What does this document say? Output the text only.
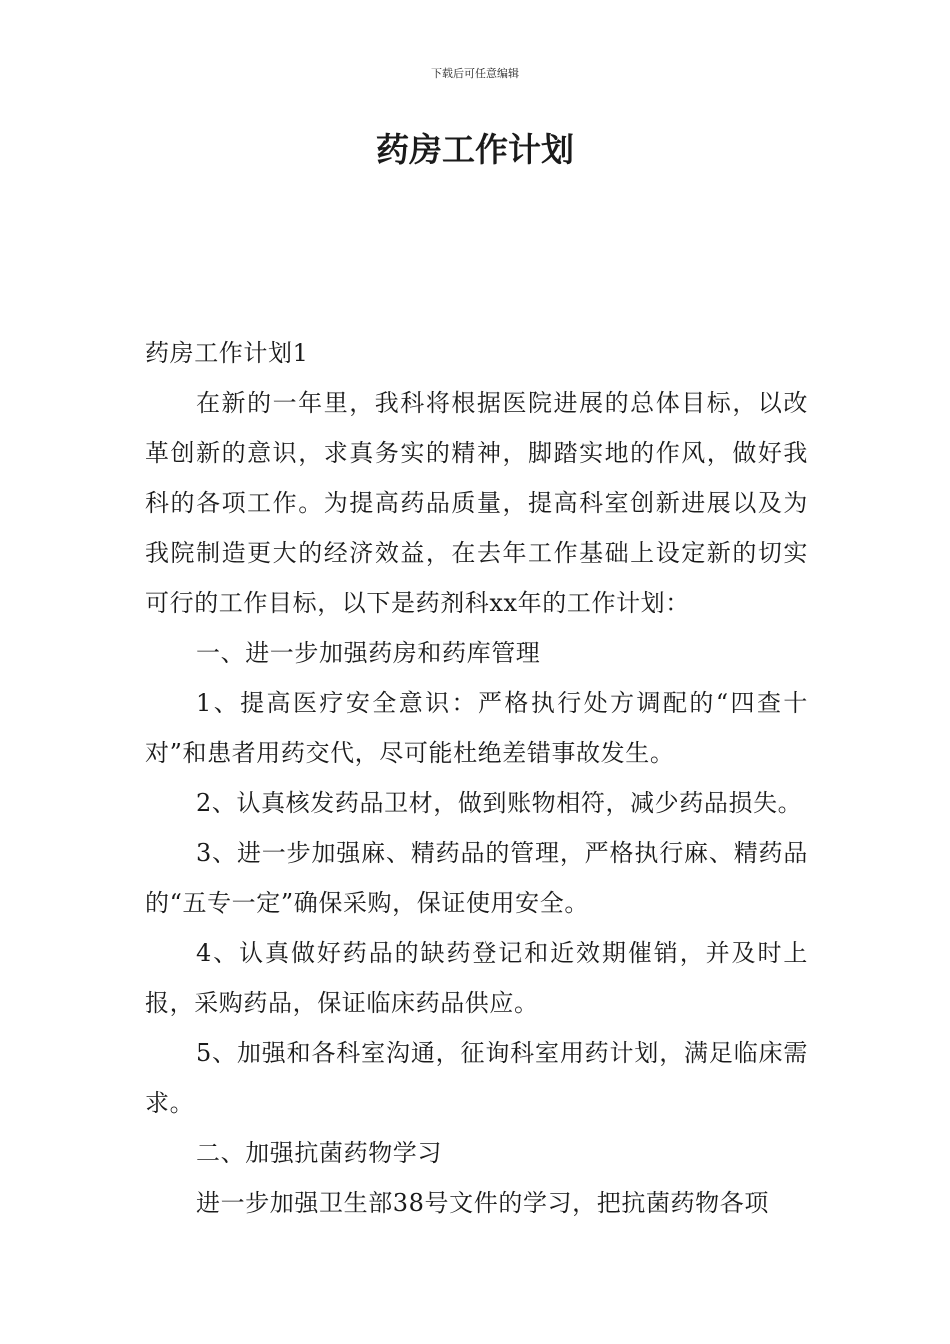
下载后可任意编辑
药房工作计划

药房工作计划1

在新的一年里，我科将根据医院进展的总体目标，以改革创新的意识，求真务实的精神，脚踏实地的作风，做好我科的各项工作。为提高药品质量，提高科室创新进展以及为我院制造更大的经济效益，在去年工作基础上设定新的切实可行的工作目标，以下是药剂科xx年的工作计划：

一、进一步加强药房和药库管理

1、提高医疗安全意识：严格执行处方调配的“四查十对”和患者用药交代，尽可能杜绝差错事故发生。

2、认真核发药品卫材，做到账物相符，减少药品损失。

3、进一步加强麻、精药品的管理，严格执行麻、精药品的“五专一定”确保采购，保证使用安全。

4、认真做好药品的缺药登记和近效期催销，并及时上报，采购药品，保证临床药品供应。

5、加强和各科室沟通，征询科室用药计划，满足临床需求。

二、加强抗菌药物学习

进一步加强卫生部38号文件的学习，把抗菌药物各项
